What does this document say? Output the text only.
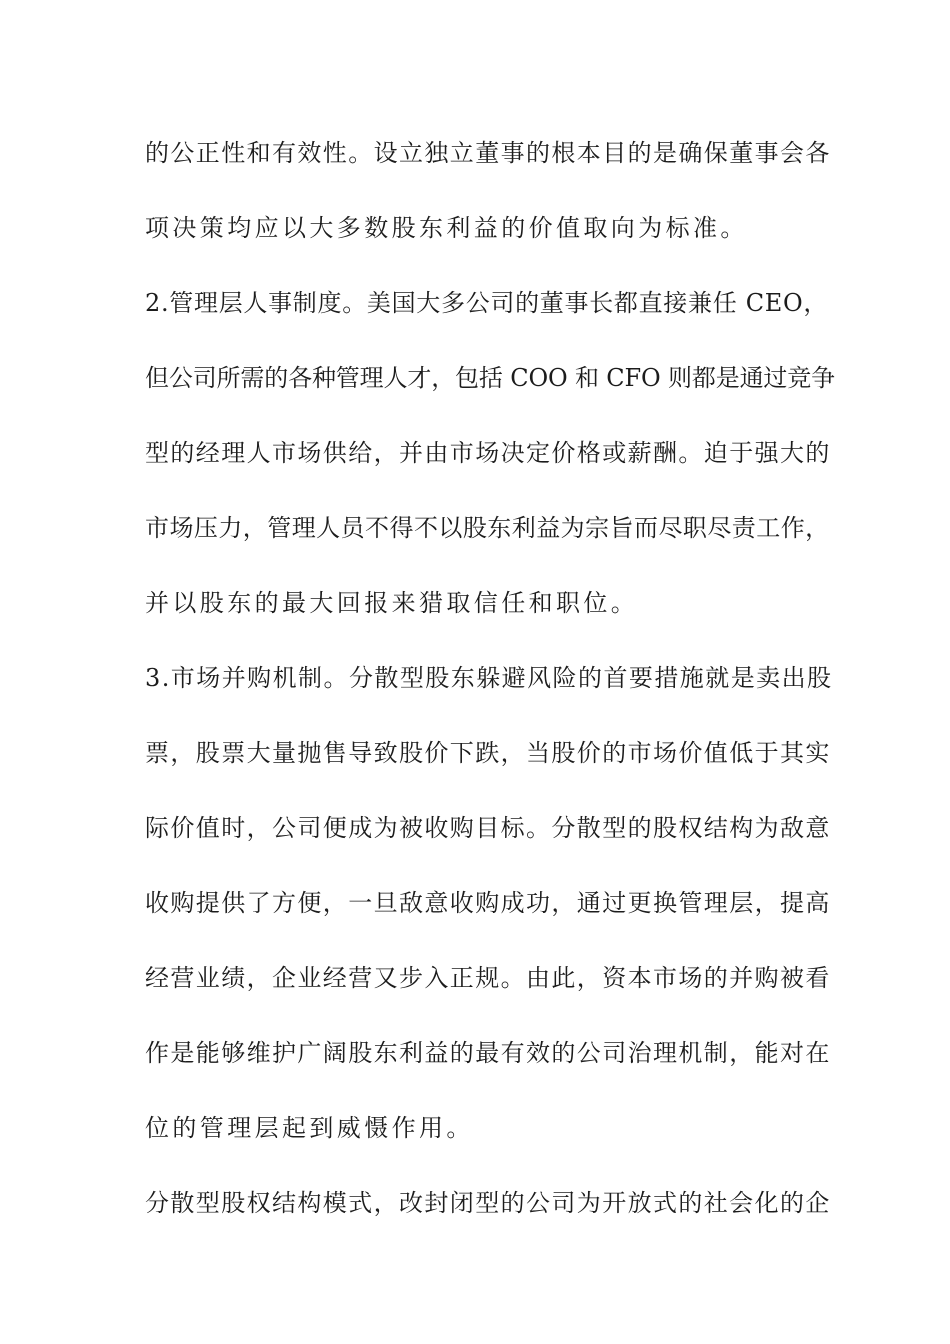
的公正性和有效性。设立独立董事的根本目的是确保董事会各
项决策均应以大多数股东利益的价值取向为标准。
2.管理层人事制度。美国大多公司的董事长都直接兼任 CEO，
但公司所需的各种管理人才，包括 COO 和 CFO 则都是通过竞争
型的经理人市场供给，并由市场决定价格或薪酬。迫于强大的
市场压力，管理人员不得不以股东利益为宗旨而尽职尽责工作，
并以股东的最大回报来猎取信任和职位。
3.市场并购机制。分散型股东躲避风险的首要措施就是卖出股
票，股票大量抛售导致股价下跌，当股价的市场价值低于其实
际价值时，公司便成为被收购目标。分散型的股权结构为敌意
收购提供了方便，一旦敌意收购成功，通过更换管理层，提高
经营业绩，企业经营又步入正规。由此，资本市场的并购被看
作是能够维护广阔股东利益的最有效的公司治理机制，能对在
位的管理层起到威慑作用。
分散型股权结构模式，改封闭型的公司为开放式的社会化的企
